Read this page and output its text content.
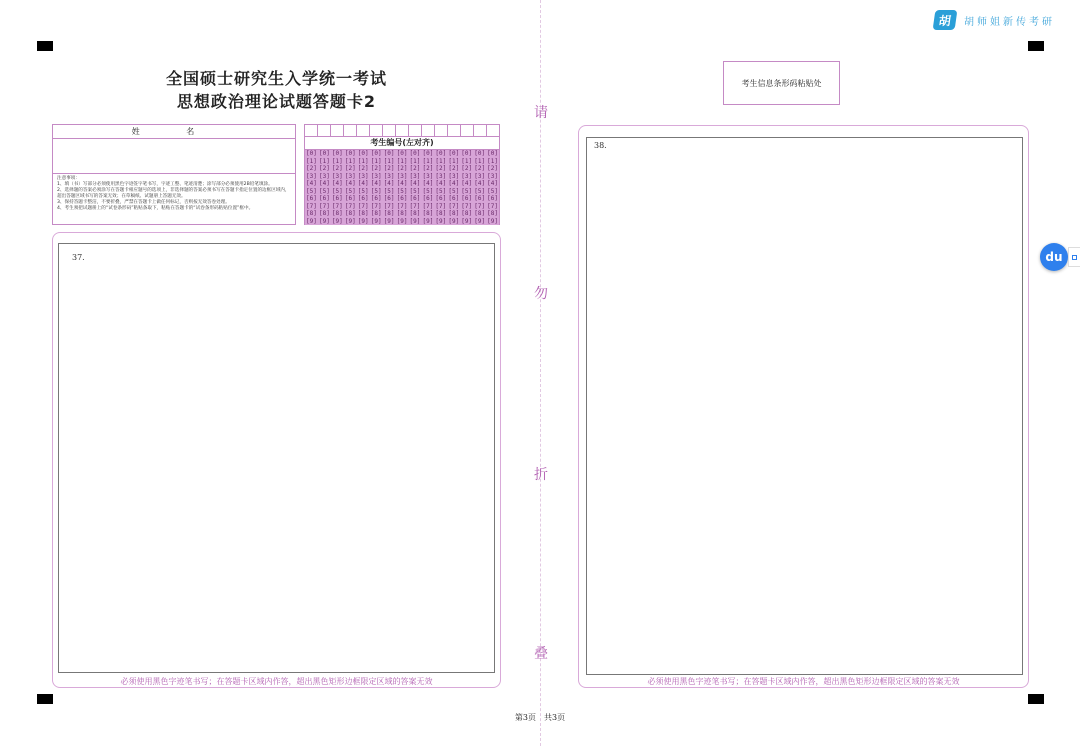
胡	胡师姐新传考研
全国硕士研究生入学统一考试
思想政治理论试题答题卡2
姓 名
注意事项：
1、填（书）写部分必须使用黑色字迹签字笔书写，字迹工整、笔迹清楚；涂写部分必须使用2B铅笔填涂。
2、选择题的答案必须涂写在答题卡相应题号的选项上，非选择题的答案必须书写在答题卡指定位置的边框区域内，超出答题区域书写的答案无效；在草稿纸、试题册上答题无效。
3、保持答题卡整洁，不要折叠，严禁在答题卡上做任何标记，否则按无效答卷处理。
4、考生须把试题册上的“试卷条形码”粘贴条取下，粘贴在答题卡的“试卷条形码粘贴位置”框中。
考生编号(左对齐)
[0]
[1]
[2]
[3]
[4]
[5]
[6]
[7]
[8]
[9]
[0]
[1]
[2]
[3]
[4]
[5]
[6]
[7]
[8]
[9]
[0]
[1]
[2]
[3]
[4]
[5]
[6]
[7]
[8]
[9]
[0]
[1]
[2]
[3]
[4]
[5]
[6]
[7]
[8]
[9]
[0]
[1]
[2]
[3]
[4]
[5]
[6]
[7]
[8]
[9]
[0]
[1]
[2]
[3]
[4]
[5]
[6]
[7]
[8]
[9]
[0]
[1]
[2]
[3]
[4]
[5]
[6]
[7]
[8]
[9]
[0]
[1]
[2]
[3]
[4]
[5]
[6]
[7]
[8]
[9]
[0]
[1]
[2]
[3]
[4]
[5]
[6]
[7]
[8]
[9]
[0]
[1]
[2]
[3]
[4]
[5]
[6]
[7]
[8]
[9]
[0]
[1]
[2]
[3]
[4]
[5]
[6]
[7]
[8]
[9]
[0]
[1]
[2]
[3]
[4]
[5]
[6]
[7]
[8]
[9]
[0]
[1]
[2]
[3]
[4]
[5]
[6]
[7]
[8]
[9]
[0]
[1]
[2]
[3]
[4]
[5]
[6]
[7]
[8]
[9]
[0]
[1]
[2]
[3]
[4]
[5]
[6]
[7]
[8]
[9]
考生信息条形码粘贴处
请
勿
折
叠
37.
必须使用黑色字迹笔书写；在答题卡区域内作答，超出黑色矩形边框限定区域的答案无效
38.
必须使用黑色字迹笔书写；在答题卡区域内作答，超出黑色矩形边框限定区域的答案无效
第3页　共3页
du
